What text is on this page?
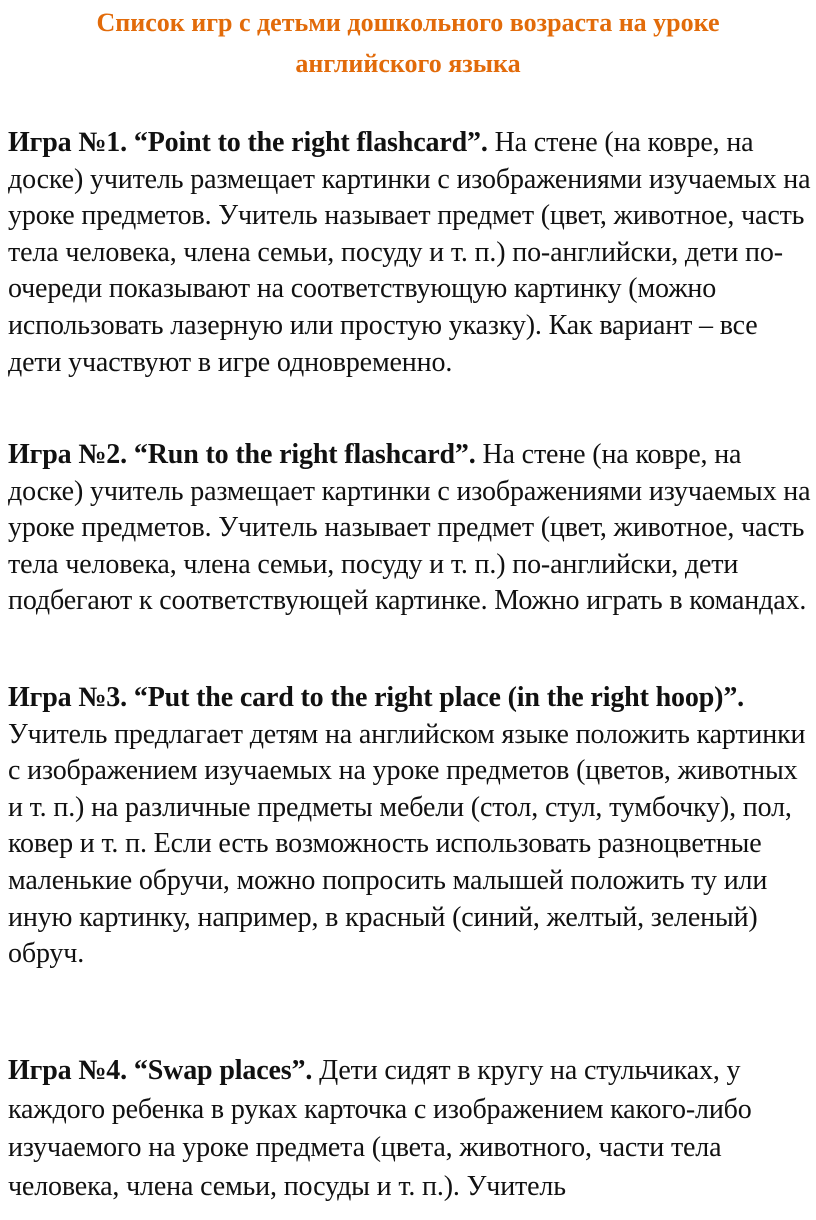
Список игр с детьми дошкольного возраста на уроке английского языка

Игра №1. “Point to the right flashcard”. На стене (на ковре, на доске) учитель размещает картинки с изображениями изучаемых на уроке предметов. Учитель называет предмет (цвет, животное, часть тела человека, члена семьи, посуду и т. п.) по-английски, дети по-очереди показывают на соответствующую картинку (можно использовать лазерную или простую указку). Как вариант – все дети участвуют в игре одновременно.

Игра №2. “Run to the right flashcard”. На стене (на ковре, на доске) учитель размещает картинки с изображениями изучаемых на уроке предметов. Учитель называет предмет (цвет, животное, часть тела человека, члена семьи, посуду и т. п.) по-английски, дети подбегают к соответствующей картинке. Можно играть в командах.

Игра №3. “Put the card to the right place (in the right hoop)”. Учитель предлагает детям на английском языке положить картинки с изображением изучаемых на уроке предметов (цветов, животных и т. п.) на различные предметы мебели (стол, стул, тумбочку), пол, ковер и т. п. Если есть возможность использовать разноцветные маленькие обручи, можно попросить малышей положить ту или иную картинку, например, в красный (синий, желтый, зеленый) обруч.

Игра №4. “Swap places”. Дети сидят в кругу на стульчиках, у каждого ребенка в руках карточка с изображением какого-либо изучаемого на уроке предмета (цвета, животного, части тела человека, члена семьи, посуды и т. п.). Учитель
